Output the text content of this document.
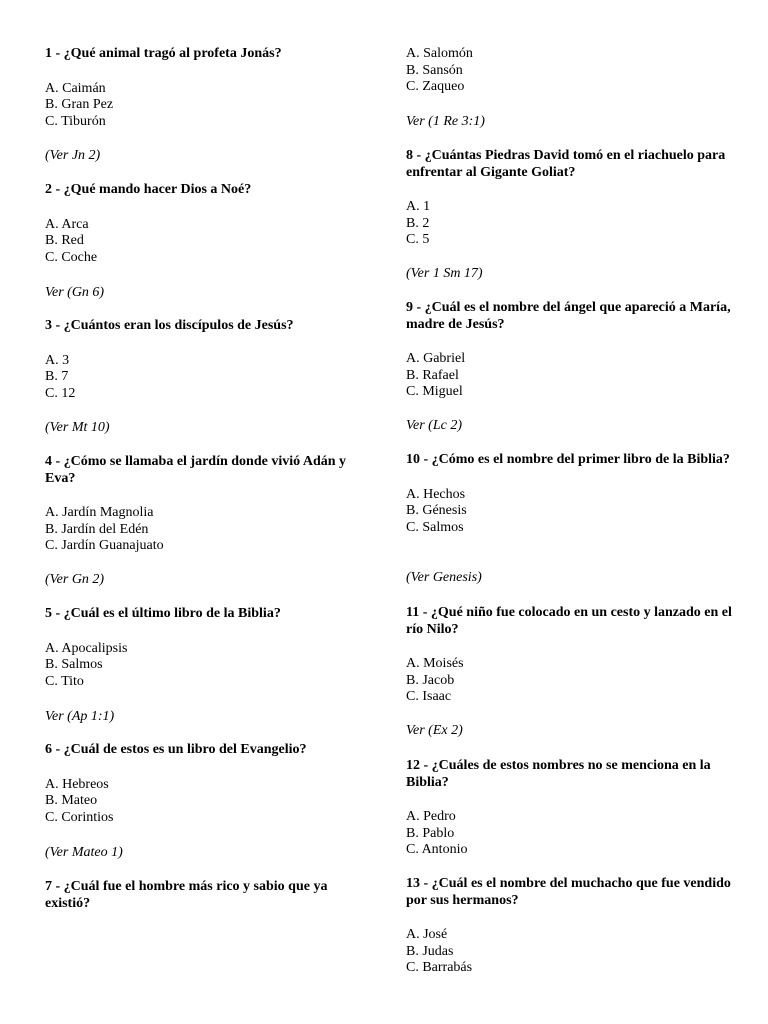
1 - ¿Qué animal tragó al profeta Jonás?

A. Caimán
B. Gran Pez
C. Tiburón
(Ver Jn 2)

2 - ¿Qué mando hacer Dios a Noé?

A. Arca
B. Red
C. Coche
Ver (Gn 6)

3 - ¿Cuántos eran los discípulos de Jesús?

A. 3
B. 7
C. 12
(Ver Mt 10)

4 - ¿Cómo se llamaba el jardín donde vivió Adán y Eva?

A. Jardín Magnolia
B. Jardín del Edén
C. Jardín Guanajuato
(Ver Gn 2)

5 - ¿Cuál es el último libro de la Biblia?

A. Apocalipsis
B. Salmos
C. Tito
Ver (Ap 1:1)

6 - ¿Cuál de estos es un libro del Evangelio?

A. Hebreos
B. Mateo
C. Corintios
(Ver Mateo 1)

7 - ¿Cuál fue el hombre más rico y sabio que ya existió?

A. Salomón
B. Sansón
C. Zaqueo
Ver (1 Re 3:1)

8 - ¿Cuántas Piedras David tomó en el riachuelo para enfrentar al Gigante Goliat?

A. 1
B. 2
C. 5
(Ver 1 Sm 17)

9 - ¿Cuál es el nombre del ángel que apareció a María, madre de Jesús?

A. Gabriel
B. Rafael
C. Miguel
Ver (Lc 2)

10 - ¿Cómo es el nombre del primer libro de la Biblia?

A. Hechos
B. Génesis
C. Salmos
(Ver Genesis)

11 - ¿Qué niño fue colocado en un cesto y lanzado en el río Nilo?

A. Moisés
B. Jacob
C. Isaac
Ver (Ex 2)

12 - ¿Cuáles de estos nombres no se menciona en la Biblia?

A. Pedro
B. Pablo
C. Antonio

13 - ¿Cuál es el nombre del muchacho que fue vendido por sus hermanos?

A. José
B. Judas
C. Barrabás
